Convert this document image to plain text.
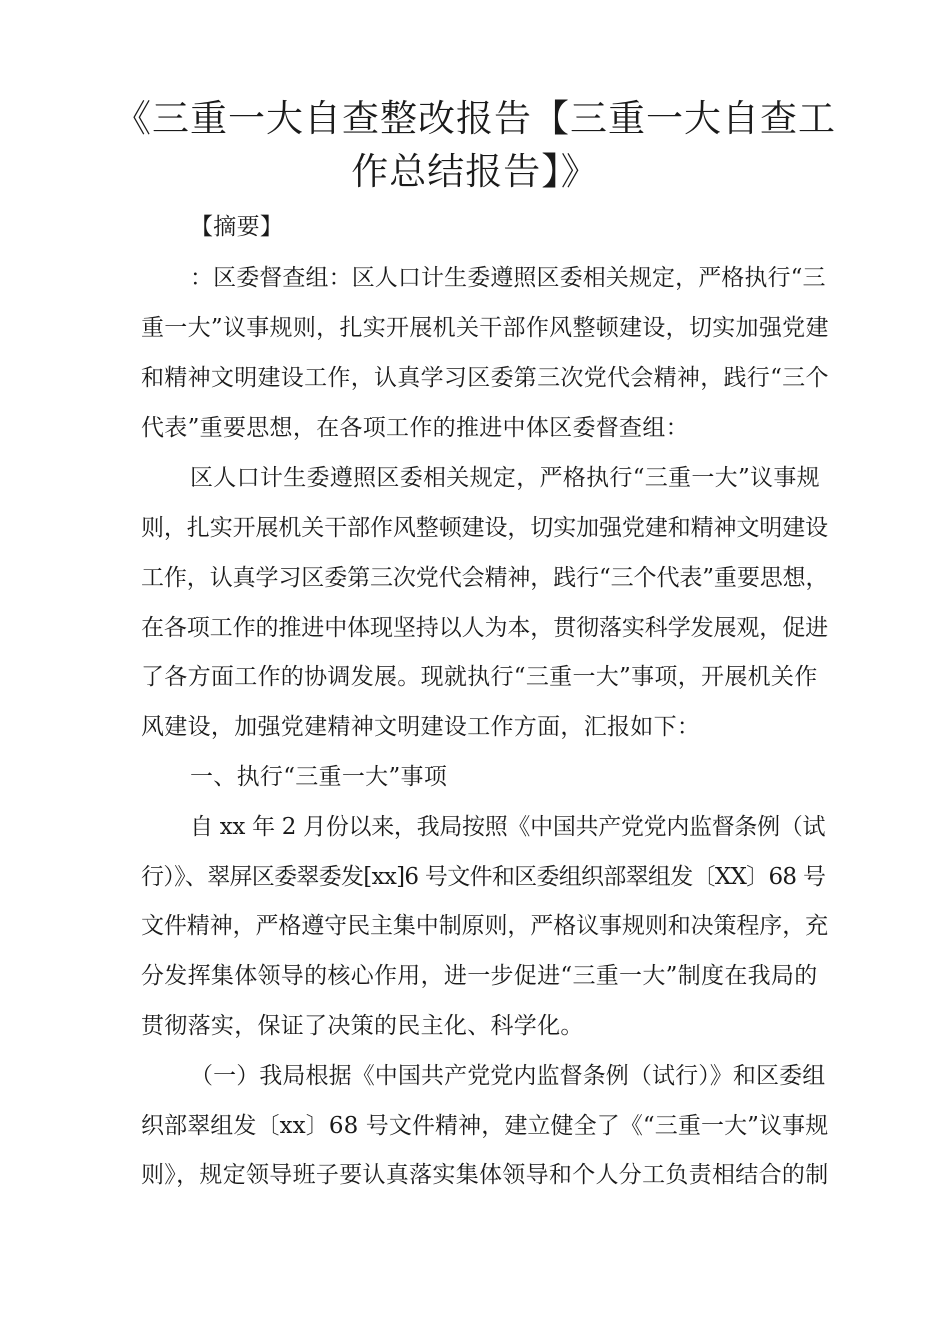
《三重一大自查整改报告【三重一大自查工
作总结报告】》
【摘要】
：区委督查组：区人口计生委遵照区委相关规定，严格执行“三
重一大”议事规则，扎实开展机关干部作风整顿建设，切实加强党建
和精神文明建设工作，认真学习区委第三次党代会精神，践行“三个
代表”重要思想，在各项工作的推进中体区委督查组：
区人口计生委遵照区委相关规定，严格执行“三重一大”议事规
则，扎实开展机关干部作风整顿建设，切实加强党建和精神文明建设
工作，认真学习区委第三次党代会精神，践行“三个代表”重要思想，
在各项工作的推进中体现坚持以人为本，贯彻落实科学发展观，促进
了各方面工作的协调发展。现就执行“三重一大”事项，开展机关作
风建设，加强党建精神文明建设工作方面，汇报如下：
一、执行“三重一大”事项
自 xx 年 2 月份以来，我局按照《中国共产党党内监督条例（试
行）》、翠屏区委翠委发[xx]6 号文件和区委组织部翠组发〔XX〕68 号
文件精神，严格遵守民主集中制原则，严格议事规则和决策程序，充
分发挥集体领导的核心作用，进一步促进“三重一大”制度在我局的
贯彻落实，保证了决策的民主化、科学化。
（一）我局根据《中国共产党党内监督条例（试行）》和区委组
织部翠组发〔xx〕68 号文件精神，建立健全了《“三重一大”议事规
则》，规定领导班子要认真落实集体领导和个人分工负责相结合的制
